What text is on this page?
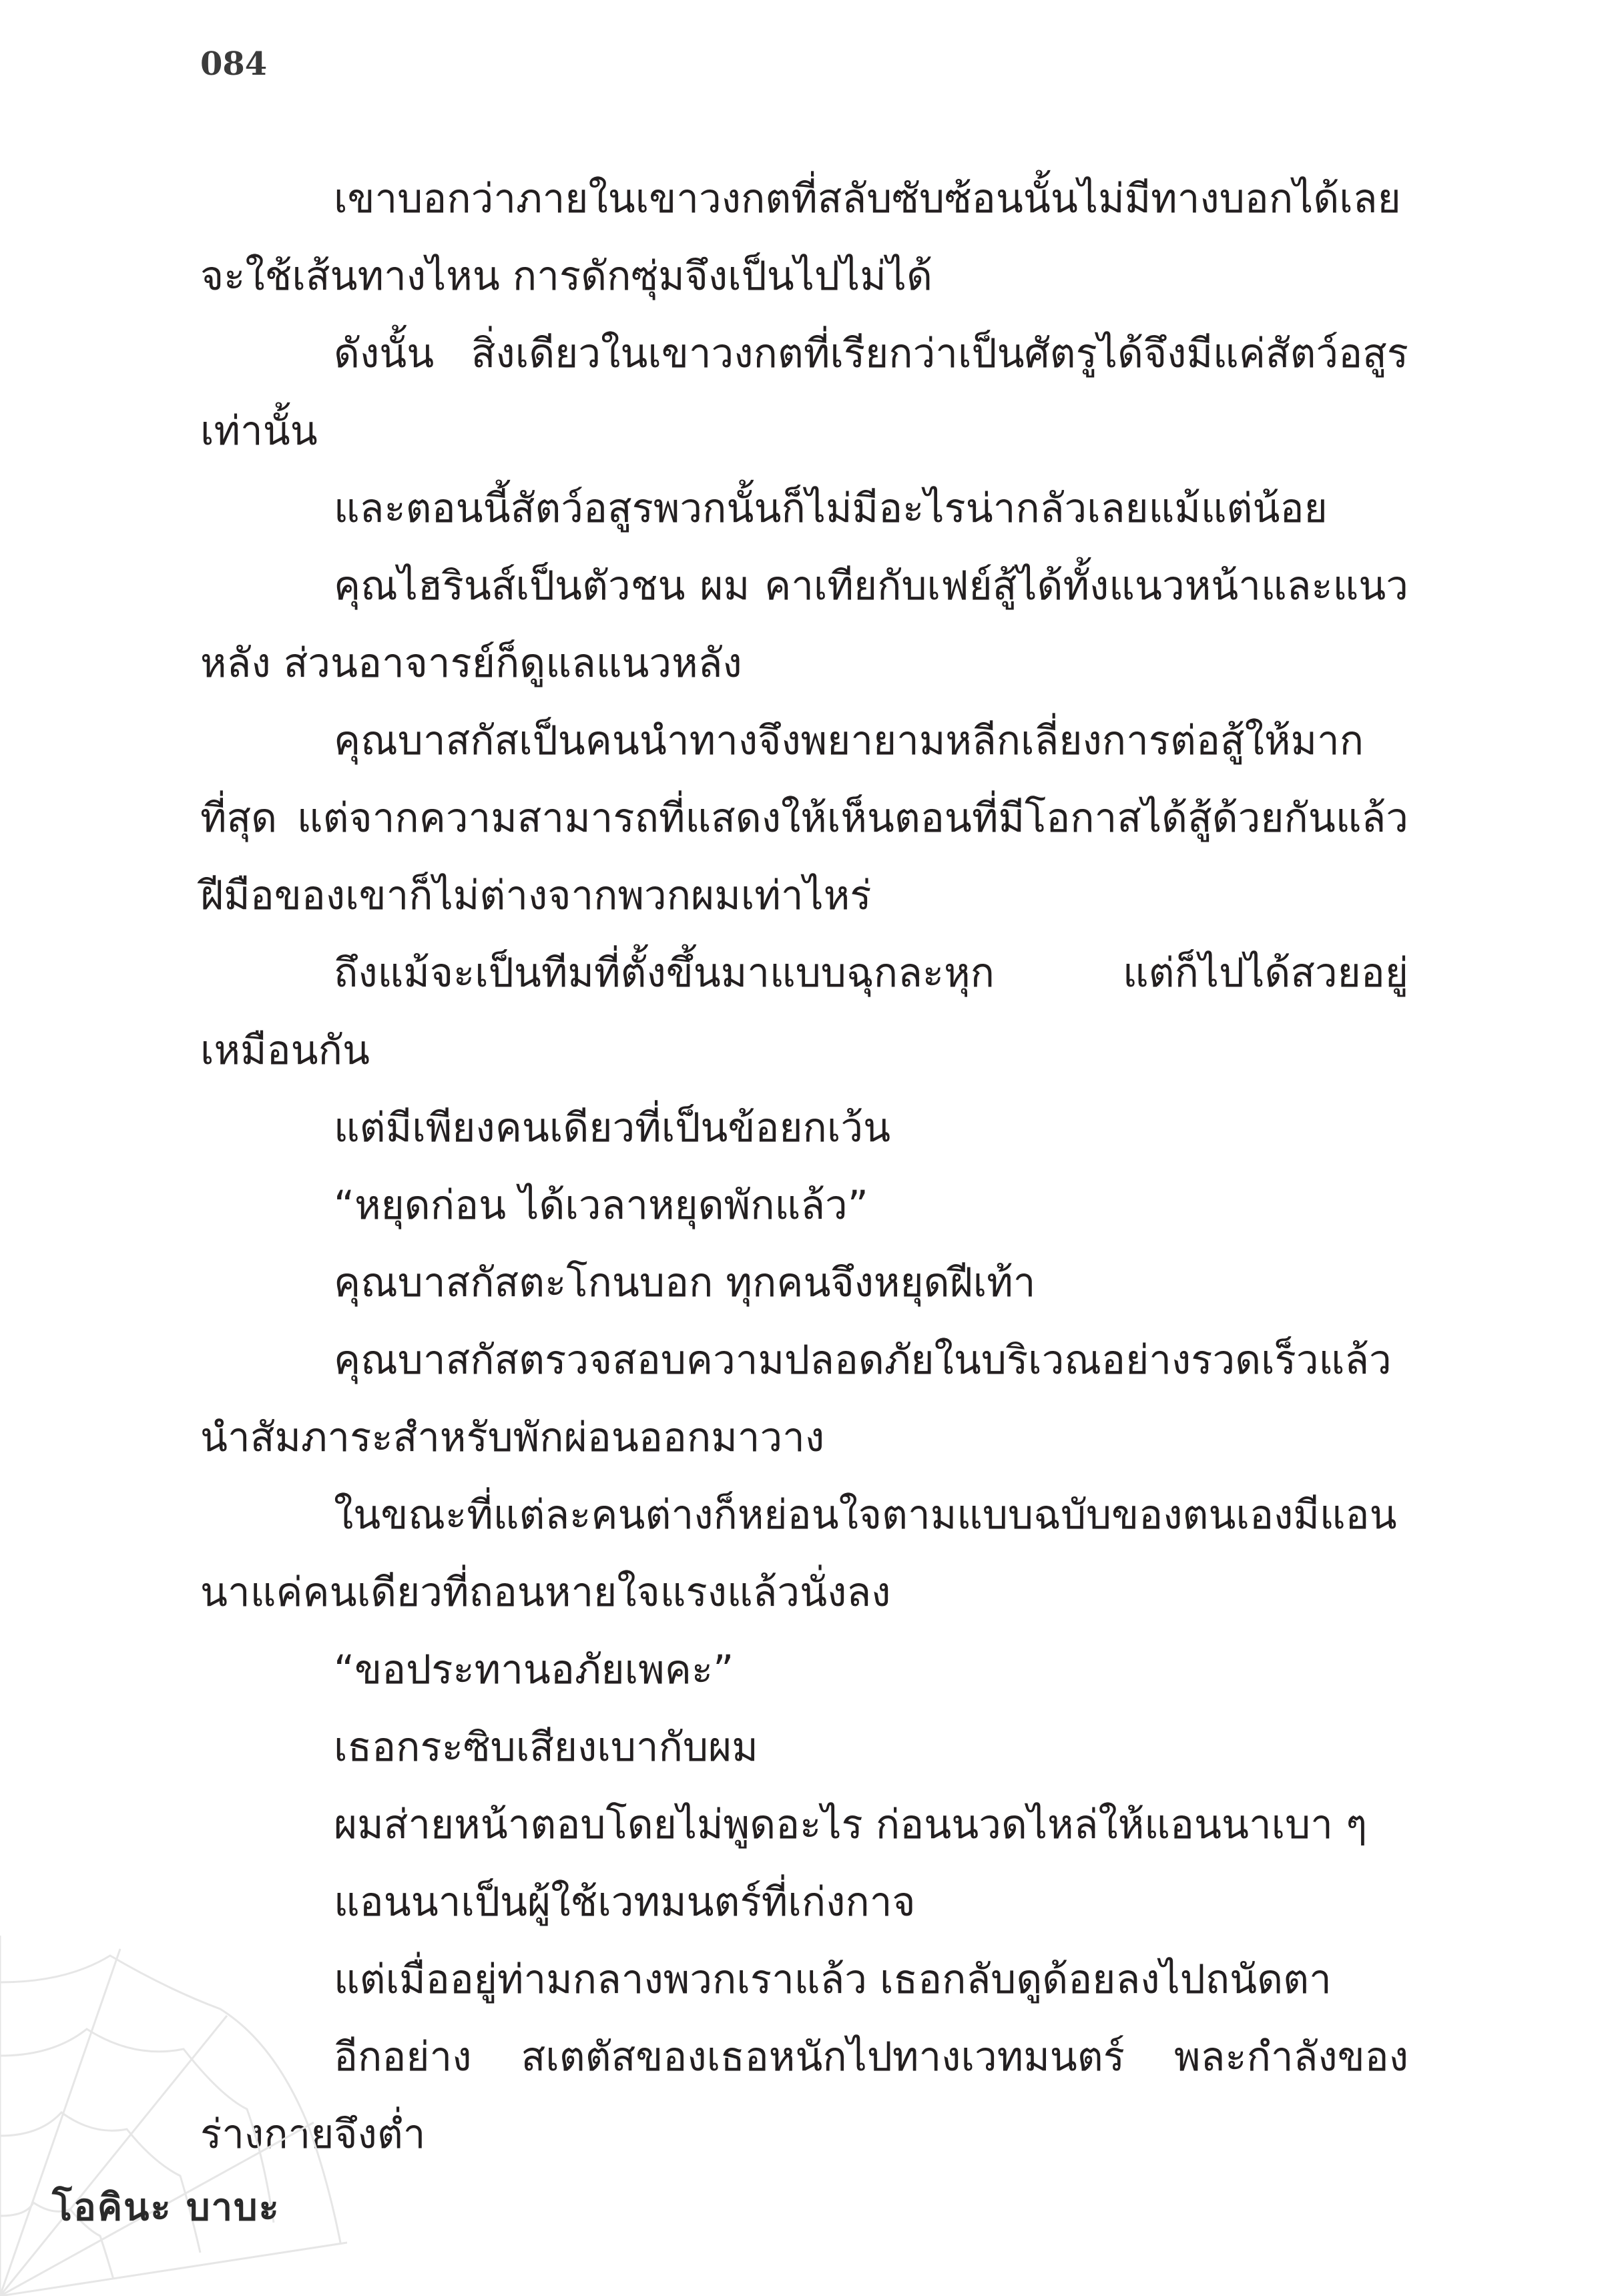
084

เขาบอกว่าภายในเขาวงกตที่สลับซับซ้อนนั้นไม่มีทางบอกได้เลยจะใช้เส้นทางไหน การดักซุ่มจึงเป็นไปไม่ได้

ดังนั้น สิ่งเดียวในเขาวงกตที่เรียกว่าเป็นศัตรูได้จึงมีแค่สัตว์อสูรเท่านั้น

และตอนนี้สัตว์อสูรพวกนั้นก็ไม่มีอะไรน่ากลัวเลยแม้แต่น้อย

คุณไฮรินส์เป็นตัวชน ผม คาเทียกับเฟย์สู้ได้ทั้งแนวหน้าและแนวหลัง ส่วนอาจารย์ก็ดูแลแนวหลัง

คุณบาสกัสเป็นคนนำทางจึงพยายามหลีกเลี่ยงการต่อสู้ให้มากที่สุด แต่จากความสามารถที่แสดงให้เห็นตอนที่มีโอกาสได้สู้ด้วยกันแล้ว ฝีมือของเขาก็ไม่ต่างจากพวกผมเท่าไหร่

ถึงแม้จะเป็นทีมที่ตั้งขึ้นมาแบบฉุกละหุก แต่ก็ไปได้สวยอยู่เหมือนกัน

แต่มีเพียงคนเดียวที่เป็นข้อยกเว้น

“หยุดก่อน ได้เวลาหยุดพักแล้ว”

คุณบาสกัสตะโกนบอก ทุกคนจึงหยุดฝีเท้า

คุณบาสกัสตรวจสอบความปลอดภัยในบริเวณอย่างรวดเร็วแล้วนำสัมภาระสำหรับพักผ่อนออกมาวาง

ในขณะที่แต่ละคนต่างก็หย่อนใจตามแบบฉบับของตนเองมีแอนนาแค่คนเดียวที่ถอนหายใจแรงแล้วนั่งลง

“ขอประทานอภัยเพคะ”

เธอกระซิบเสียงเบากับผม

ผมส่ายหน้าตอบโดยไม่พูดอะไร ก่อนนวดไหล่ให้แอนนาเบา ๆ

แอนนาเป็นผู้ใช้เวทมนตร์ที่เก่งกาจ

แต่เมื่ออยู่ท่ามกลางพวกเราแล้ว เธอกลับดูด้อยลงไปถนัดตา

อีกอย่าง สเตตัสของเธอหนักไปทางเวทมนตร์ พละกำลังของร่างกายจึงต่ำ

โอคินะ บาบะ
